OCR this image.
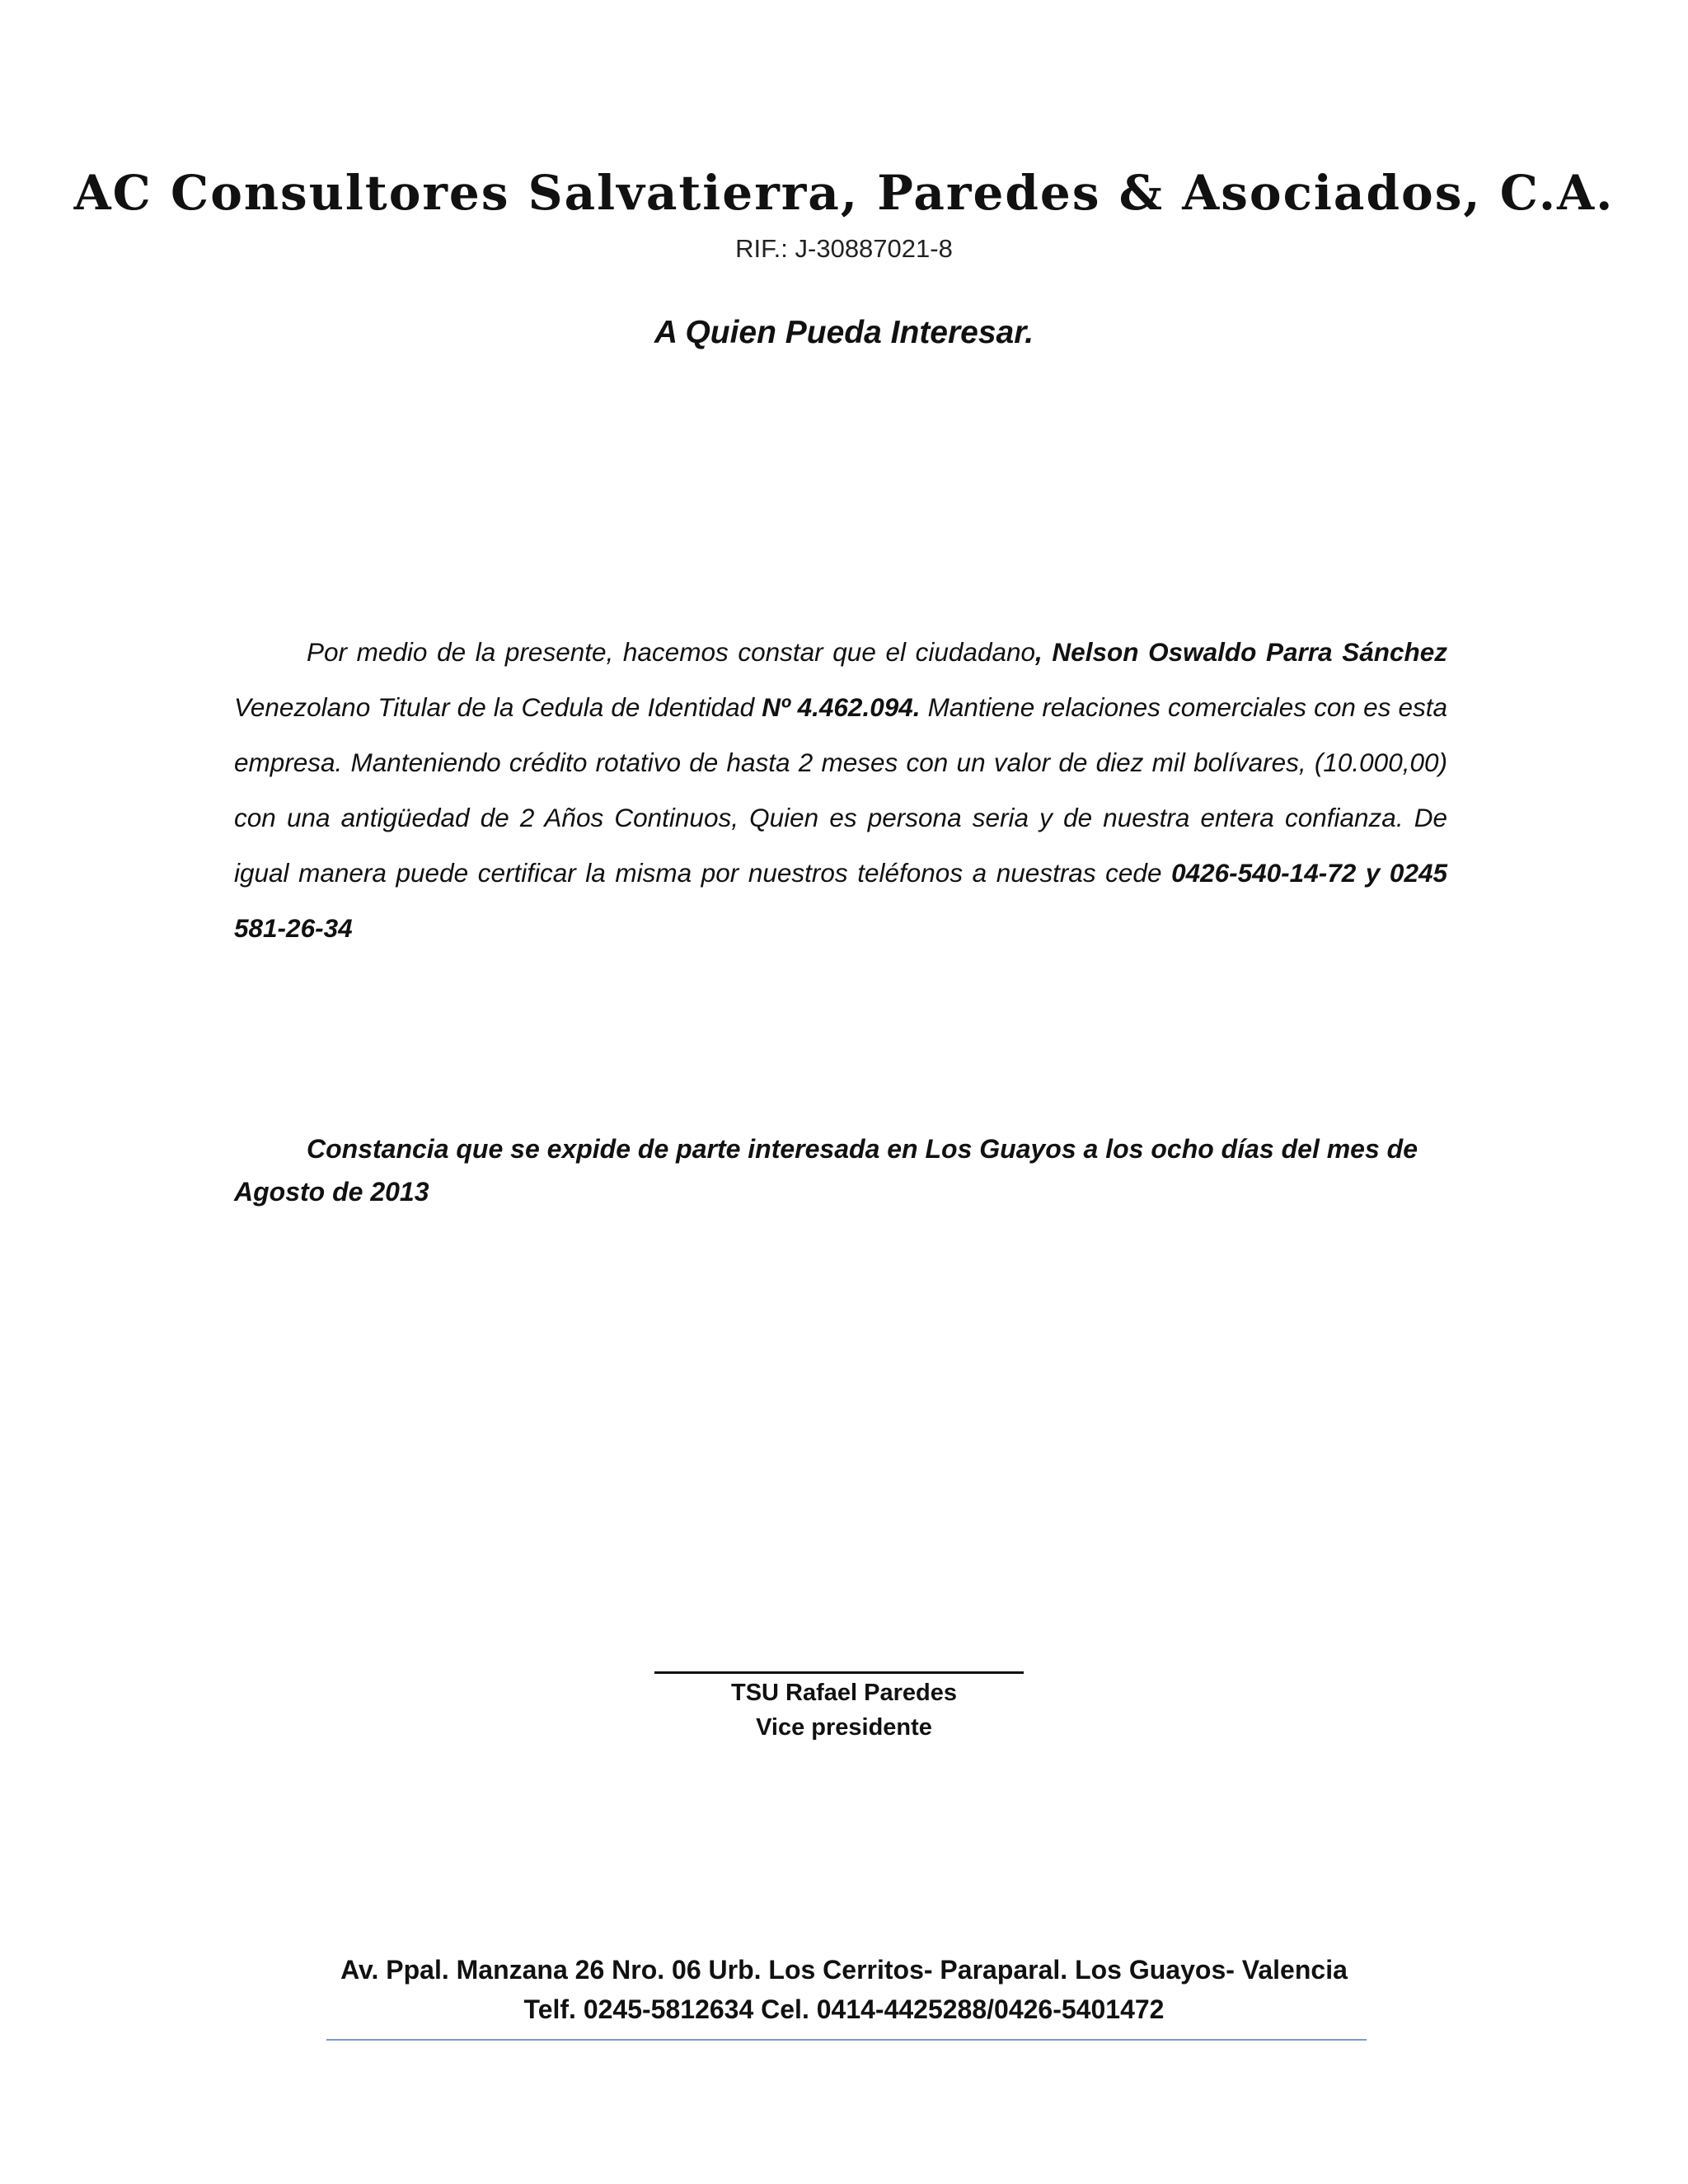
AC Consultores Salvatierra, Paredes & Asociados, C.A.
RIF.: J-30887021-8
A Quien Pueda Interesar.

Por medio de la presente, hacemos constar que el ciudadano, Nelson Oswaldo Parra Sánchez Venezolano Titular de la Cedula de Identidad Nº 4.462.094. Mantiene relaciones comerciales con es esta empresa. Manteniendo crédito rotativo de hasta 2 meses con un valor de diez mil bolívares, (10.000,00) con una antigüedad de 2 Años Continuos, Quien es persona seria y de nuestra entera confianza. De igual manera puede certificar la misma por nuestros teléfonos a nuestras cede 0426-540-14-72 y 0245 581-26-34

Constancia que se expide de parte interesada en Los Guayos a los ocho días del mes de Agosto de 2013

TSU Rafael Paredes
Vice presidente
Av. Ppal. Manzana 26 Nro. 06 Urb. Los Cerritos- Paraparal. Los Guayos- Valencia
Telf. 0245-5812634 Cel. 0414-4425288/0426-5401472
